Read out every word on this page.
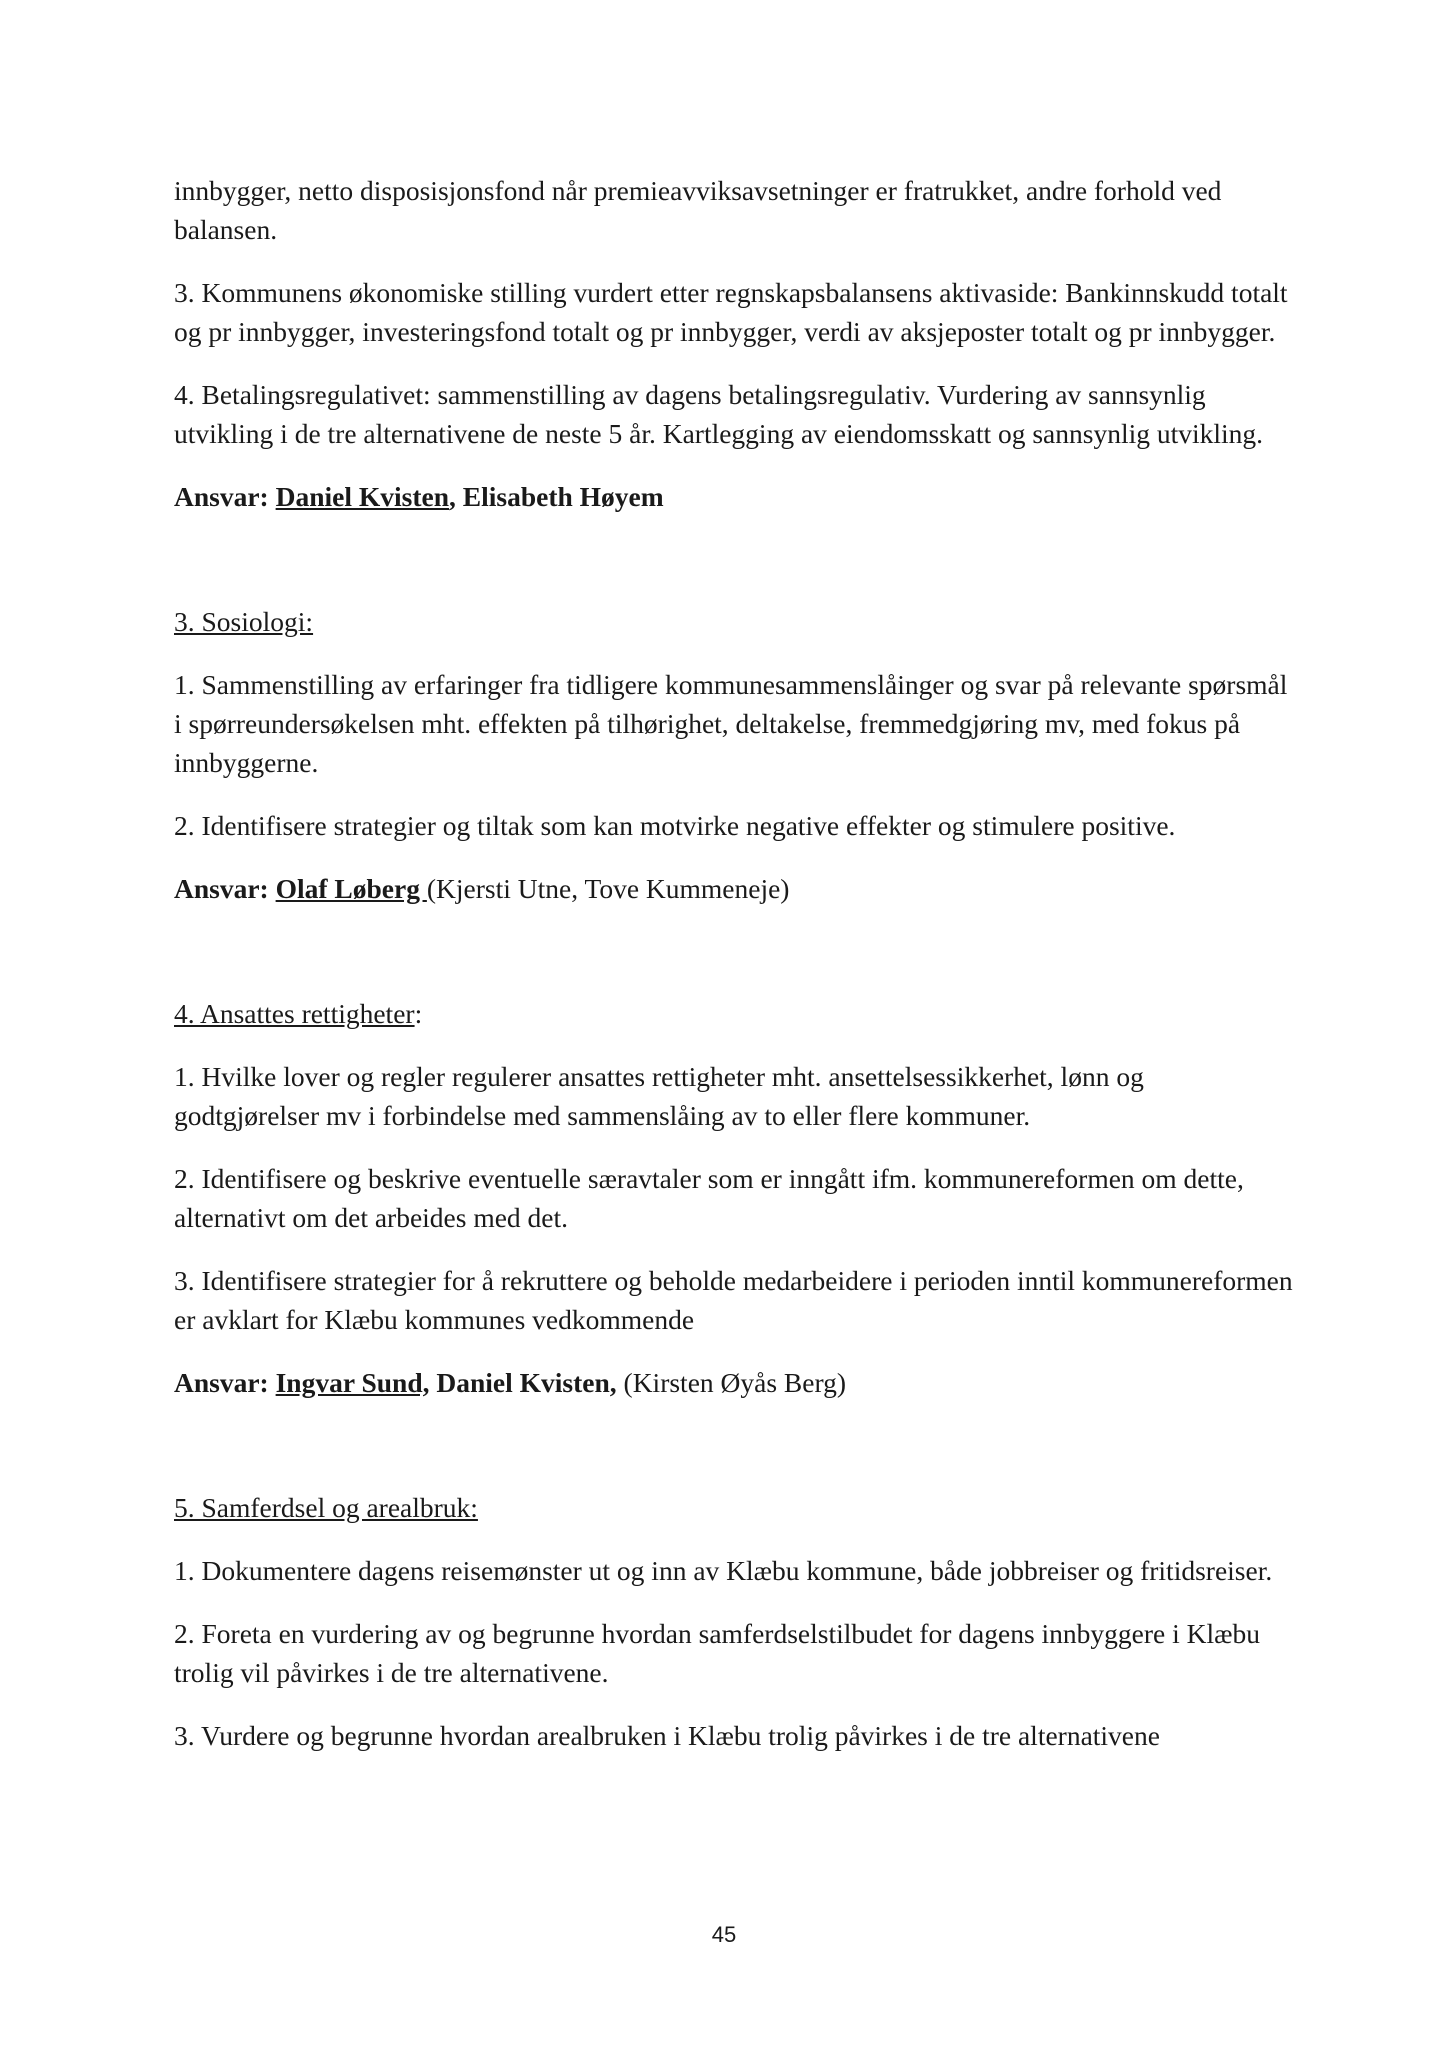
innbygger, netto disposisjonsfond når premieavviksavsetninger er fratrukket, andre forhold ved balansen.

3. Kommunens økonomiske stilling vurdert etter regnskapsbalansens aktivaside: Bankinnskudd totalt og pr innbygger, investeringsfond totalt og pr innbygger, verdi av aksjeposter totalt og pr innbygger.

4. Betalingsregulativet: sammenstilling av dagens betalingsregulativ. Vurdering av sannsynlig utvikling i de tre alternativene de neste 5 år. Kartlegging av eiendomsskatt og sannsynlig utvikling.

Ansvar: Daniel Kvisten, Elisabeth Høyem

3. Sosiologi:

1. Sammenstilling av erfaringer fra tidligere kommunesammenslåinger og svar på relevante spørsmål i spørreundersøkelsen mht. effekten på tilhørighet, deltakelse, fremmedgjøring mv, med fokus på innbyggerne.

2. Identifisere strategier og tiltak som kan motvirke negative effekter og stimulere positive.

Ansvar: Olaf Løberg (Kjersti Utne, Tove Kummeneje)

4. Ansattes rettigheter:

1. Hvilke lover og regler regulerer ansattes rettigheter mht. ansettelsessikkerhet, lønn og godtgjørelser mv i forbindelse med sammenslåing av to eller flere kommuner.

2. Identifisere og beskrive eventuelle særavtaler som er inngått ifm. kommunereformen om dette, alternativt om det arbeides med det.

3. Identifisere strategier for å rekruttere og beholde medarbeidere i perioden inntil kommunereformen er avklart for Klæbu kommunes vedkommende

Ansvar: Ingvar Sund, Daniel Kvisten, (Kirsten Øyås Berg)

5. Samferdsel og arealbruk:

1. Dokumentere dagens reisemønster ut og inn av Klæbu kommune, både jobbreiser og fritidsreiser.

2. Foreta en vurdering av og begrunne hvordan samferdselstilbudet for dagens innbyggere i Klæbu trolig vil påvirkes i de tre alternativene.

3. Vurdere og begrunne hvordan arealbruken i Klæbu trolig påvirkes i de tre alternativene

45
